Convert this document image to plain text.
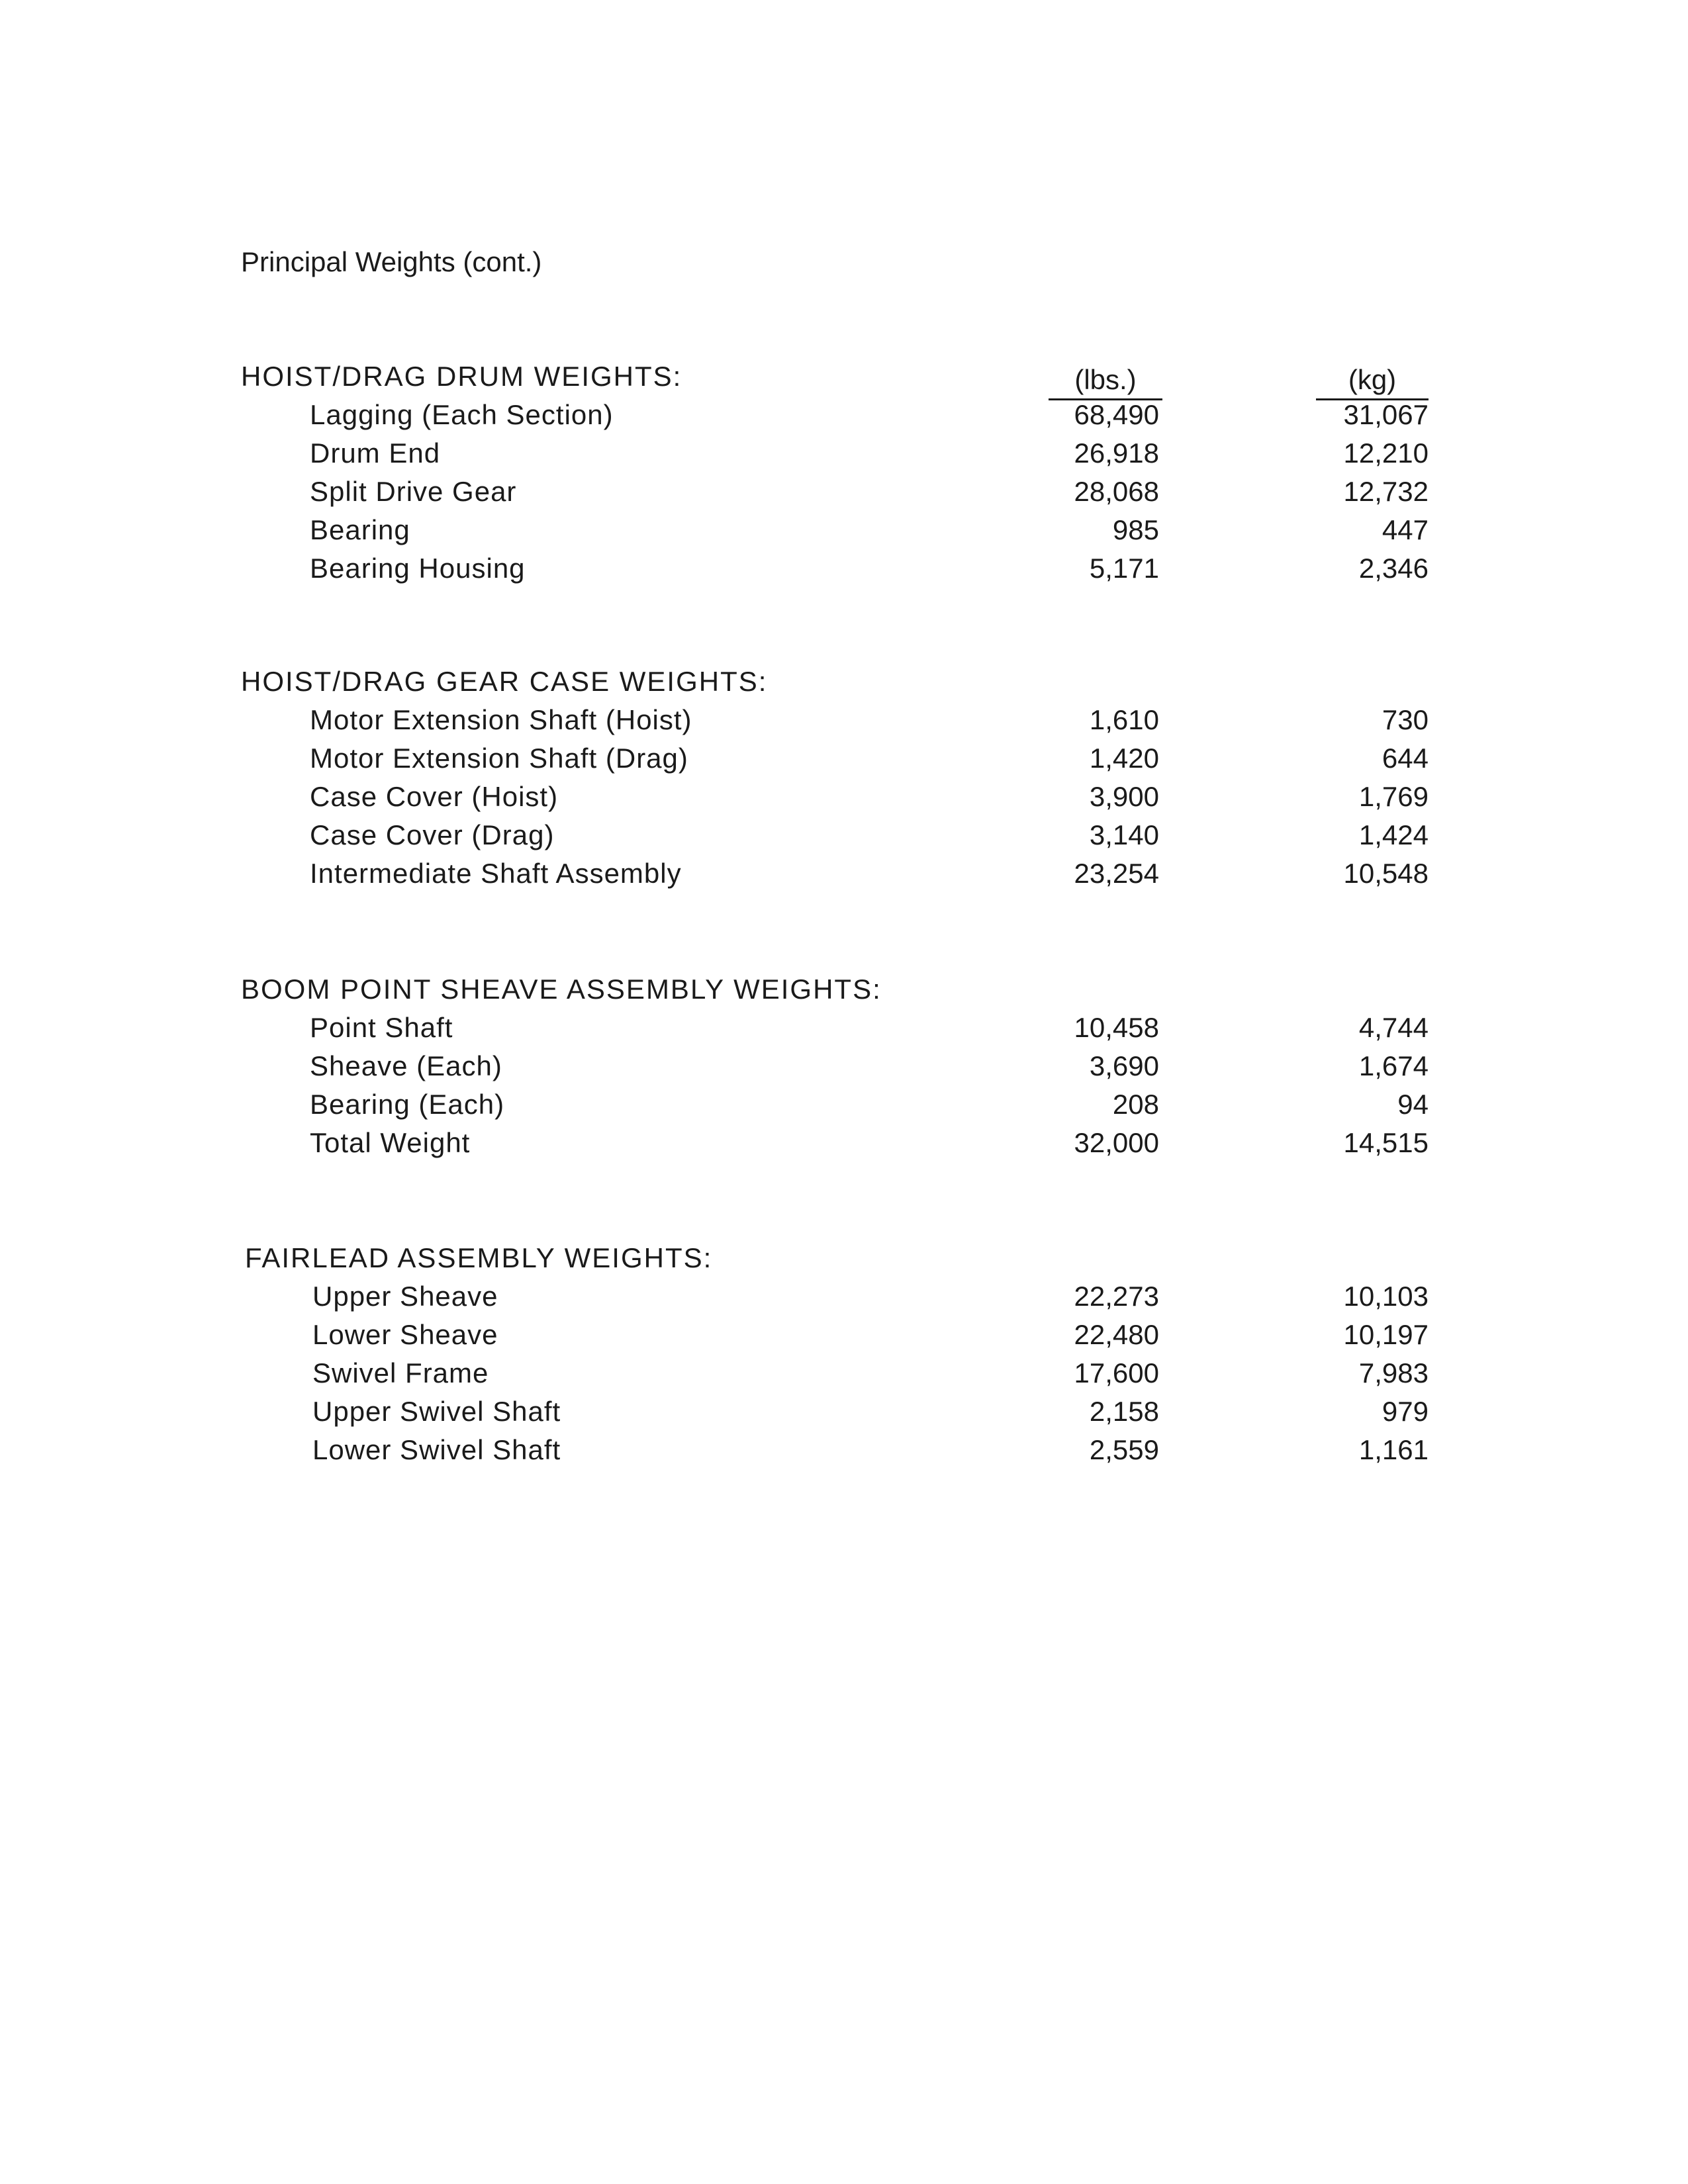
Principal Weights (cont.)
(lbs.)	(kg)
HOIST/DRAG DRUM WEIGHTS:
Lagging (Each Section)	68,490	31,067
Drum End	26,918	12,210
Split Drive Gear	28,068	12,732
Bearing	985	447
Bearing Housing	5,171	2,346
HOIST/DRAG GEAR CASE WEIGHTS:
Motor Extension Shaft (Hoist)	1,610	730
Motor Extension Shaft (Drag)	1,420	644
Case Cover (Hoist)	3,900	1,769
Case Cover (Drag)	3,140	1,424
Intermediate Shaft Assembly	23,254	10,548
BOOM POINT SHEAVE ASSEMBLY WEIGHTS:
Point Shaft	10,458	4,744
Sheave (Each)	3,690	1,674
Bearing (Each)	208	94
Total Weight	32,000	14,515
FAIRLEAD ASSEMBLY WEIGHTS:
Upper Sheave	22,273	10,103
Lower Sheave	22,480	10,197
Swivel Frame	17,600	7,983
Upper Swivel Shaft	2,158	979
Lower Swivel Shaft	2,559	1,161
